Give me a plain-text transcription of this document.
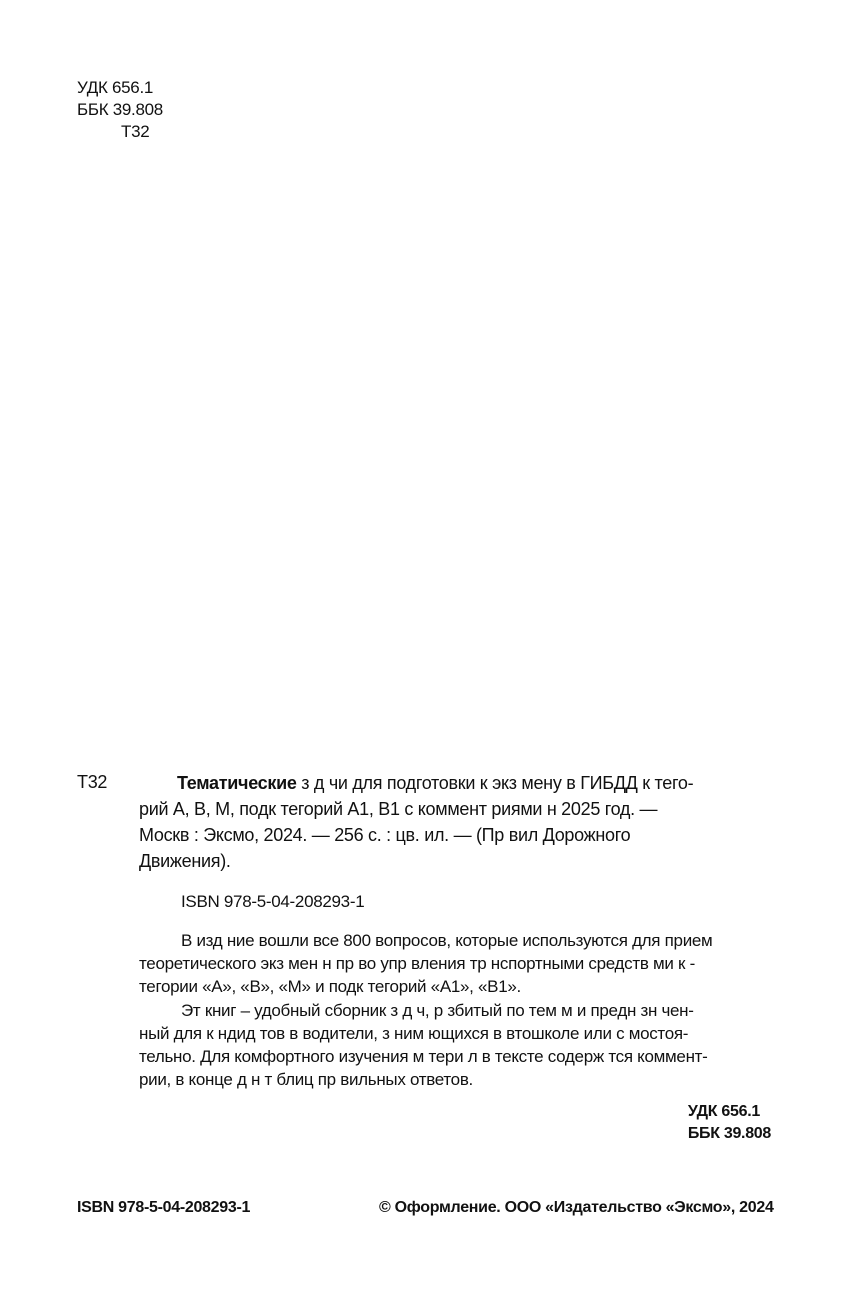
УДК 656.1
ББК 39.808
Т32
Т32	Тематические з д чи для подготовки к экз мену в ГИБДД к тего-
рий А, В, М, подк тегорий А1, В1 с коммент риями н 2025 год. —
Москв : Эксмо, 2024. — 256 с. : цв. ил. — (Пр вил Дорожного
Движения).
ISBN 978-5-04-208293-1
В изд ние вошли все 800 вопросов, которые используются для прием
теоретического экз мен н пр во упр вления тр нспортными средств ми к -
тегории «А», «В», «М» и подк тегорий «А1», «В1».
Эт книг – удобный сборник з д ч, р збитый по тем м и предн зн чен-
ный для к ндид тов в водители, з ним ющихся в втошколе или с мостоя-
тельно. Для комфортного изучения м тери л в тексте содерж тся коммент-
рии, в конце д н т блиц пр вильных ответов.
УДК 656.1
ББК 39.808
ISBN 978-5-04-208293-1	© Оформление. ООО «Издательство «Эксмо», 2024
